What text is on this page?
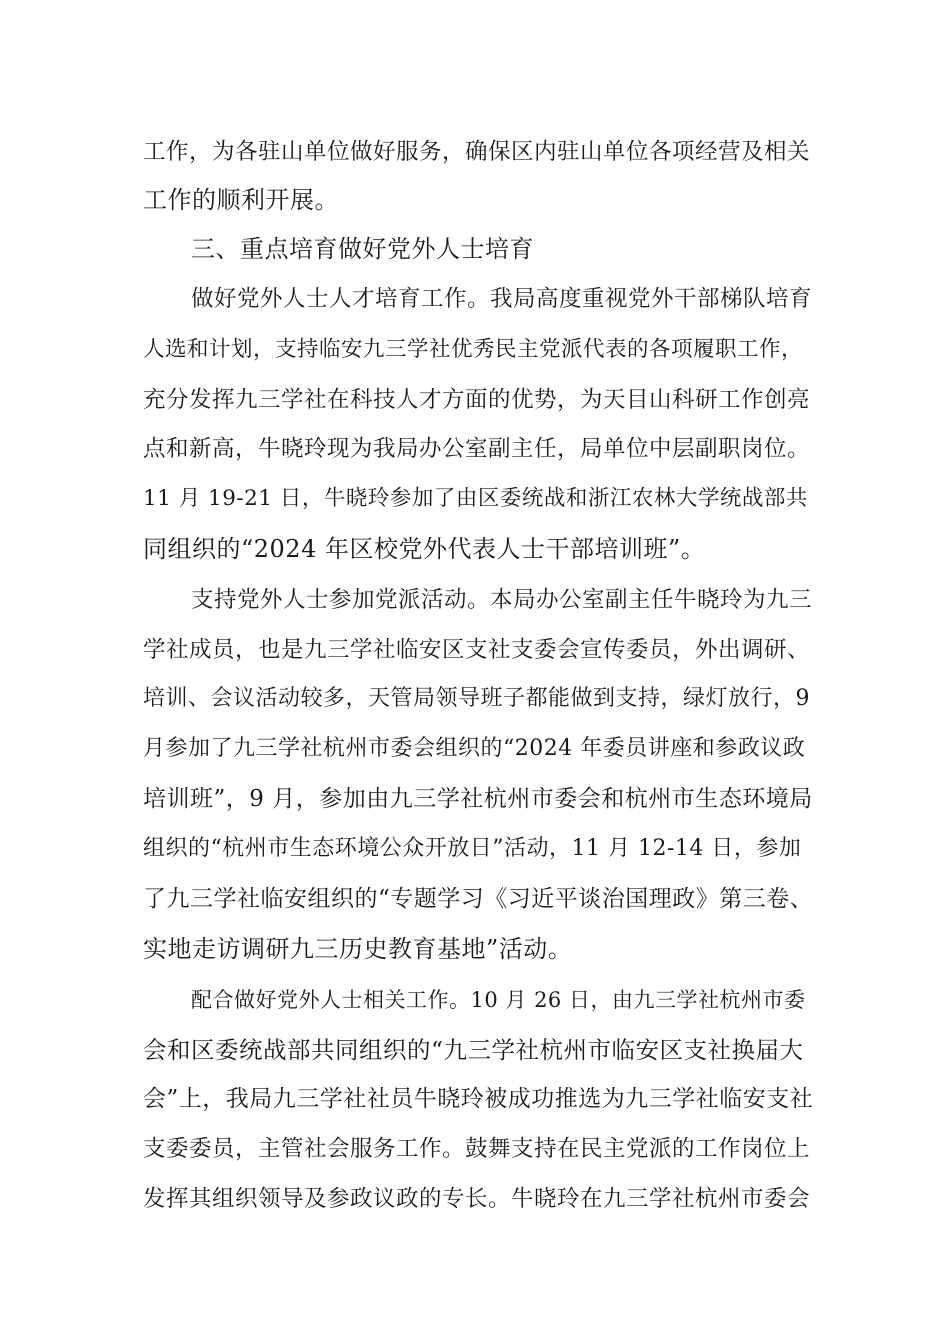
工作，为各驻山单位做好服务，确保区内驻山单位各项经营及相关
工作的顺利开展。
三、重点培育做好党外人士培育
做好党外人士人才培育工作。我局高度重视党外干部梯队培育
人选和计划，支持临安九三学社优秀民主党派代表的各项履职工作，
充分发挥九三学社在科技人才方面的优势，为天目山科研工作创亮
点和新高，牛晓玲现为我局办公室副主任，局单位中层副职岗位。
11 月 19-21 日，牛晓玲参加了由区委统战和浙江农林大学统战部共
同组织的“2024 年区校党外代表人士干部培训班”。
支持党外人士参加党派活动。本局办公室副主任牛晓玲为九三
学社成员，也是九三学社临安区支社支委会宣传委员，外出调研、
培训、会议活动较多，天管局领导班子都能做到支持，绿灯放行，9
月参加了九三学社杭州市委会组织的“2024 年委员讲座和参政议政
培训班”，9 月，参加由九三学社杭州市委会和杭州市生态环境局
组织的“杭州市生态环境公众开放日”活动，11 月 12-14 日，参加
了九三学社临安组织的“专题学习《习近平谈治国理政》第三卷、
实地走访调研九三历史教育基地”活动。
配合做好党外人士相关工作。10 月 26 日，由九三学社杭州市委
会和区委统战部共同组织的“九三学社杭州市临安区支社换届大
会”上，我局九三学社社员牛晓玲被成功推选为九三学社临安支社
支委委员，主管社会服务工作。鼓舞支持在民主党派的工作岗位上
发挥其组织领导及参政议政的专长。牛晓玲在九三学社杭州市委会
